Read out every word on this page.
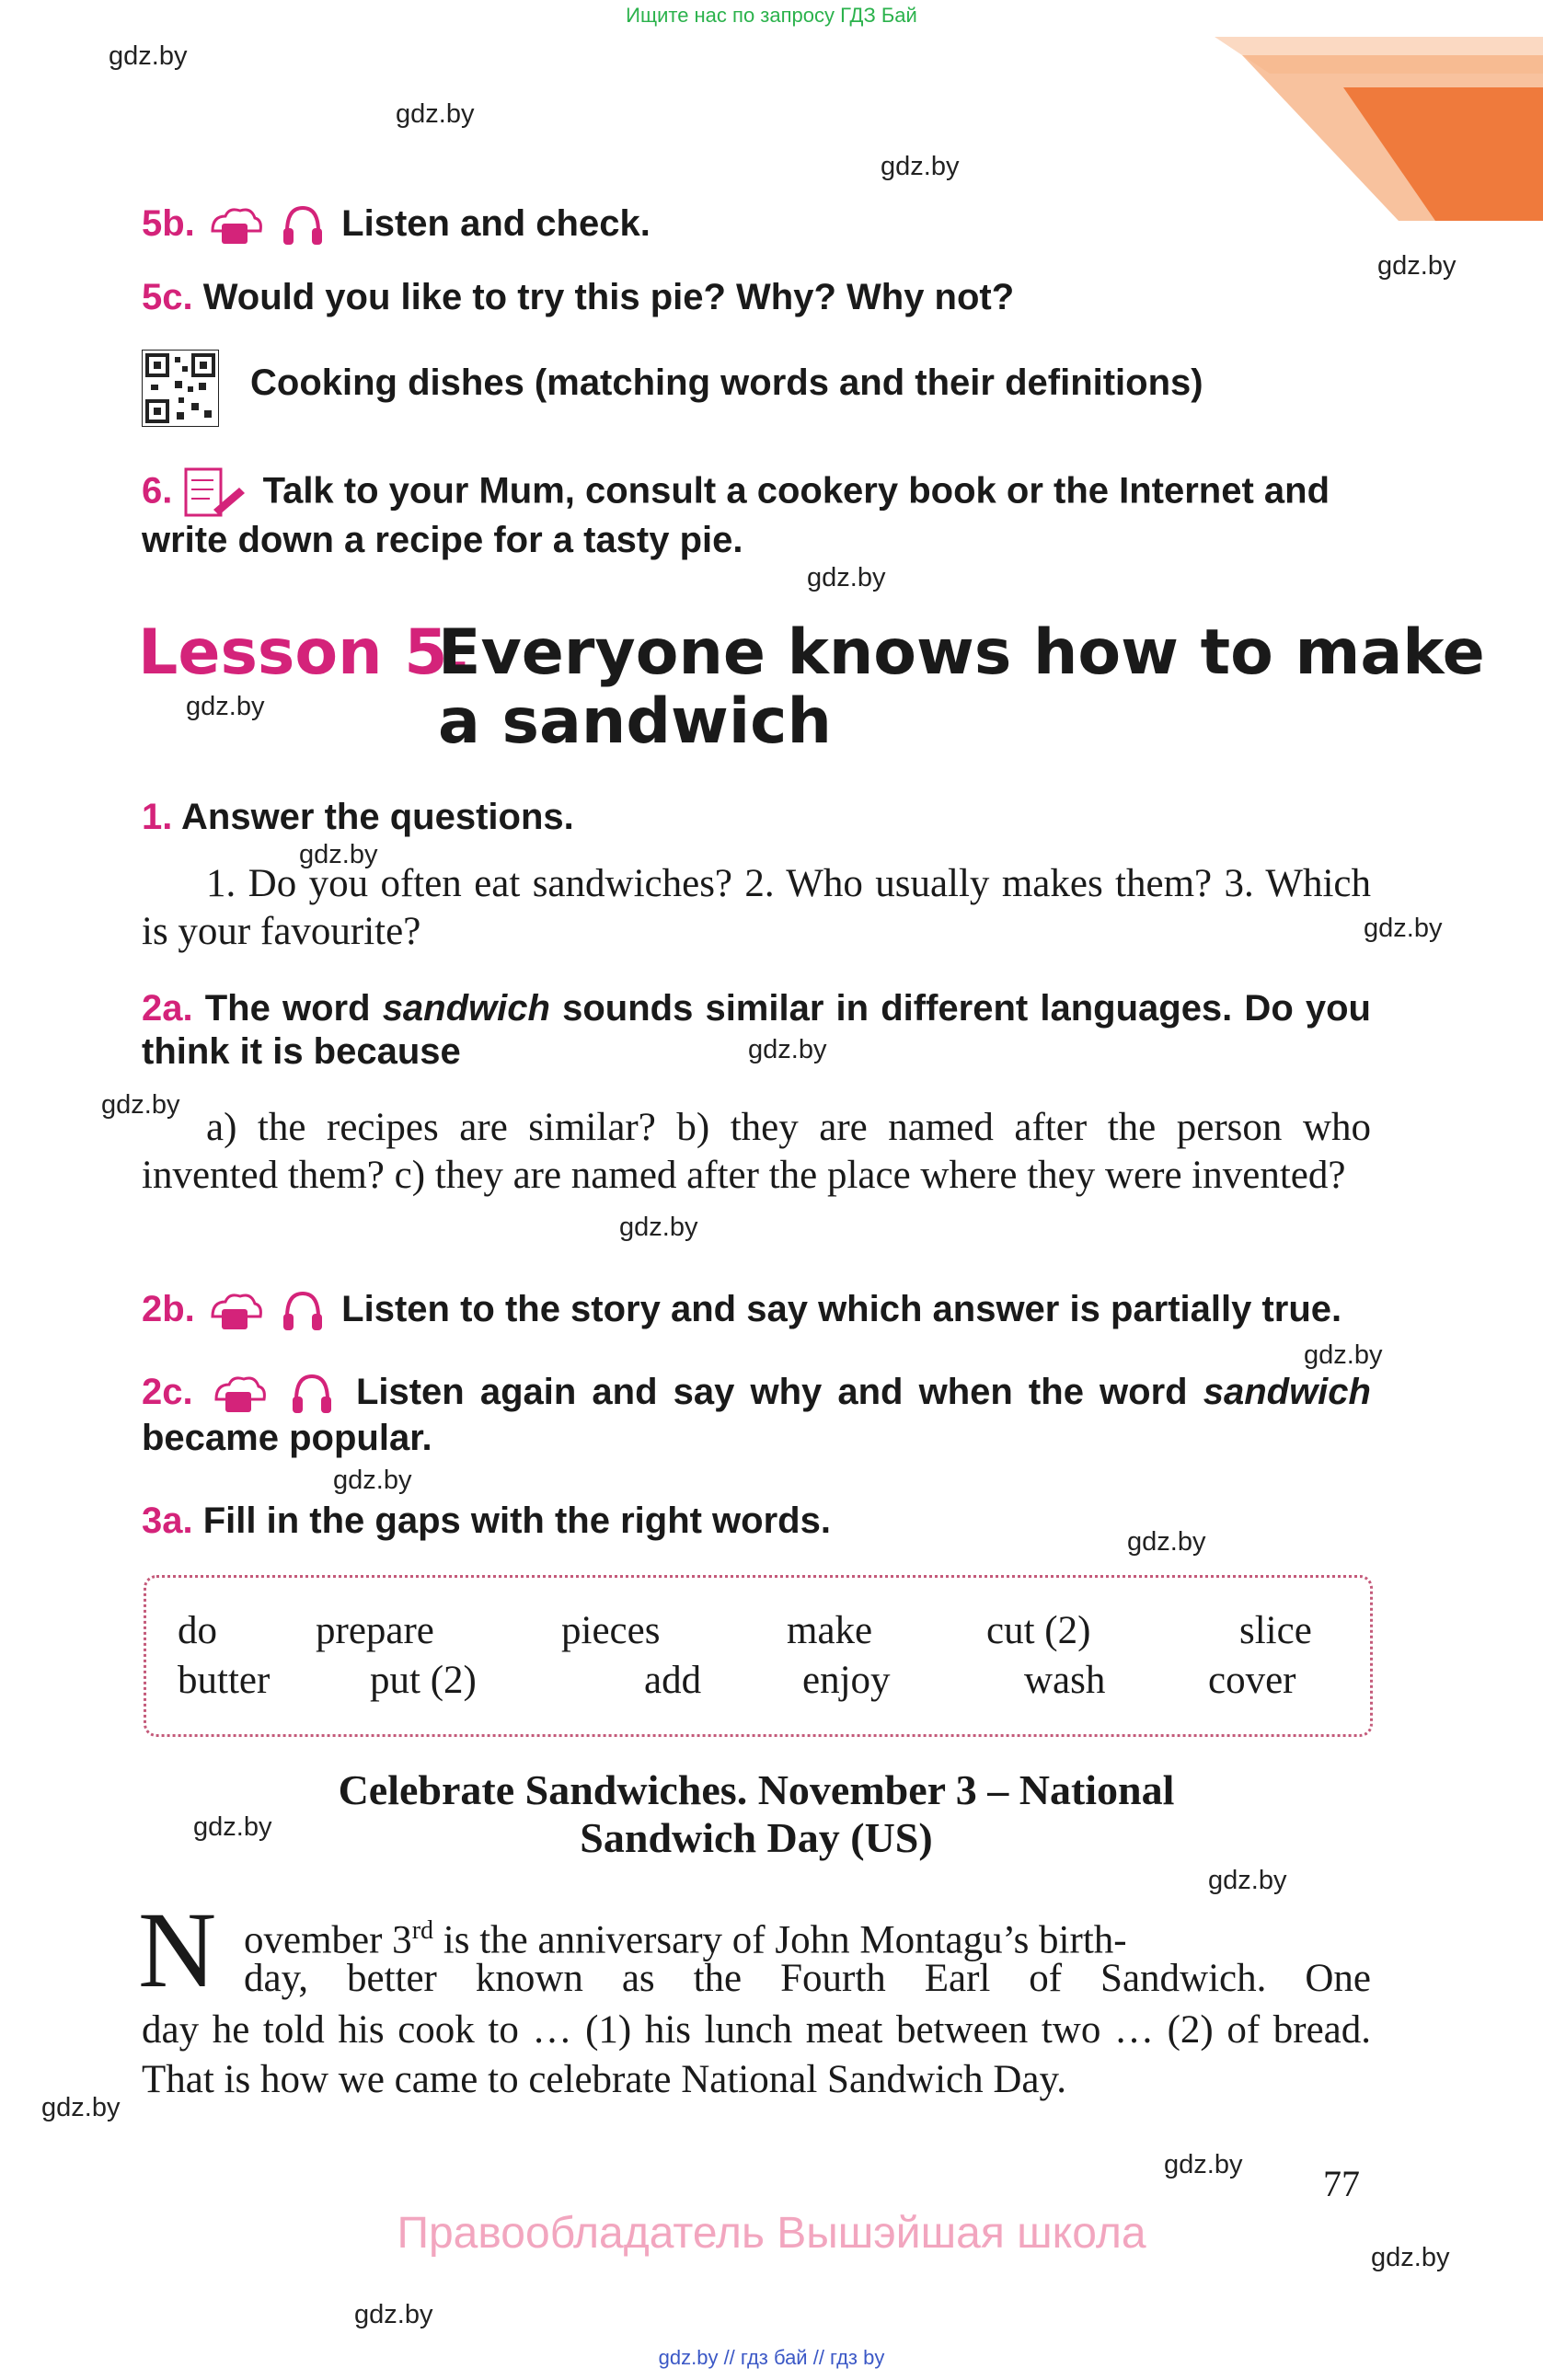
Ищите нас по запросу ГДЗ Бай
gdz.by
gdz.by
gdz.by
gdz.by
gdz.by
gdz.by
gdz.by
gdz.by
gdz.by
gdz.by
gdz.by
gdz.by
gdz.by
gdz.by
gdz.by
gdz.by
gdz.by
gdz.by
gdz.by
gdz.by
5b.	Listen and check.
5c. Would you like to try this pie? Why? Why not?
Cooking dishes (matching words and their definitions)
6. Talk to your Mum, consult a cookery book or the Internet and write down a recipe for a tasty pie.
Lesson 5.
Everyone knows how to make
a sandwich
1. Answer the questions.
1. Do you often eat sandwiches? 2. Who usually makes them? 3. Which is your favourite?
2a. The word sandwich sounds similar in different languages. Do you think it is because
a) the recipes are similar? b) they are named after the person who invented them? c) they are named after the place where they were invented?
2b.	Listen to the story and say which answer is partially true.
2c.	Listen again and say why and when the word sandwich became popular.
3a. Fill in the gaps with the right words.
do prepare	pieces	make	cut (2)	slice
butter	put (2)	add	enjoy	wash	cover
Celebrate Sandwiches. November 3 – National
Sandwich Day (US)
N ovember 3rd is the anniversary of John Montagu’s birth-
day, better known as the Fourth Earl of Sandwich. One
day he told his cook to … (1) his lunch meat between two … (2) of bread. That is how we came to celebrate National Sandwich Day.
77
Правообладатель Вышэйшая школа
gdz.by // гдз бай // гдз by
